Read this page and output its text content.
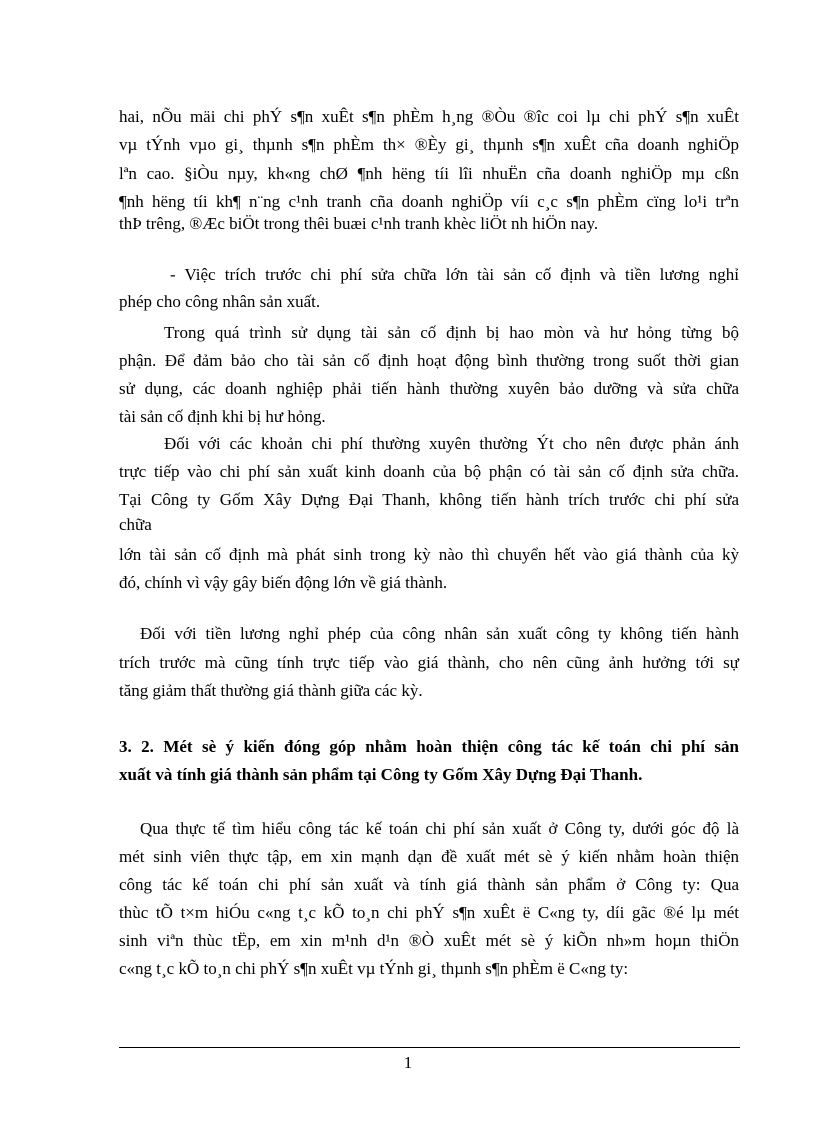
hai, nÕu mäi chi phÝ s¶n xuÊt s¶n phÈm h¸ng ®Òu ®îc coi lµ chi phÝ s¶n xuÊt
vµ tÝnh vµo gi¸ thµnh s¶n phÈm th× ®Èy gi¸ thµnh s¶n xuÊt cña doanh nghiÖp
lªn cao. §iÒu nµy, kh«ng chØ ¶nh hëng tíi lîi nhuËn cña doanh nghiÖp mµ cßn
¶nh hëng tíi kh¶ n¨ng c¹nh tranh cña doanh nghiÖp víi c¸c s¶n phÈm cïng lo¹i trªn
thÞ trêng, ®Æc biÖt trong thêi buæi c¹nh tranh khèc liÖt nh hiÖn nay.
- Việc trích trước chi phí sửa chữa lớn tài sản cố định và tiền lương nghỉ
phép cho công nhân sản xuất.
Trong quá trình sử dụng tài sản cố định bị hao mòn và hư hỏng từng bộ
phận. Để đảm bảo cho tài sản cố định hoạt động bình thường trong suốt thời gian
sử dụng, các doanh nghiệp phải tiến hành thường xuyên bảo dưỡng và sửa chữa
tài sản cố định khi bị hư hỏng.
Đối với các khoản chi phí thường xuyên thường Ýt cho nên được phản ánh
trực tiếp vào chi phí sản xuất kinh doanh của bộ phận có tài sản cố định sửa chữa.
Tại Công ty Gốm Xây Dựng Đại Thanh, không tiến hành trích trước chi phí sửa
chữa
lớn tài sản cố định mà phát sinh trong kỳ nào thì chuyển hết vào giá thành của kỳ
đó, chính vì vậy gây biến động lớn về giá thành.
Đối với tiền lương nghỉ phép của công nhân sản xuất công ty không tiến hành
trích trước mà cũng tính trực tiếp vào giá thành, cho nên cũng ảnh hưởng tới sự
tăng giảm thất thường giá thành giữa các kỳ.
3. 2. Mét sè ý kiến đóng góp nhằm hoàn thiện công tác kế toán chi phí sản
xuất và tính giá thành sản phẩm tại Công ty Gốm Xây Dựng Đại Thanh.
Qua thực tế tìm hiểu công tác kế toán chi phí sản xuất ở Công ty, dưới góc độ là
mét sinh viên thực tập, em xin mạnh dạn đề xuất mét sè ý kiến nhằm hoàn thiện
công tác kế toán chi phí sản xuất và tính giá thành sản phẩm ở Công ty: Qua
thùc tÕ t×m hiÓu c«ng t¸c kÕ to¸n chi phÝ s¶n xuÊt ë C«ng ty, díi gãc ®é lµ mét
sinh viªn thùc tËp, em xin m¹nh d¹n ®Ò xuÊt mét sè ý kiÕn nh»m hoµn thiÖn
c«ng t¸c kÕ to¸n chi phÝ s¶n xuÊt vµ tÝnh gi¸ thµnh s¶n phÈm ë C«ng ty:
1
